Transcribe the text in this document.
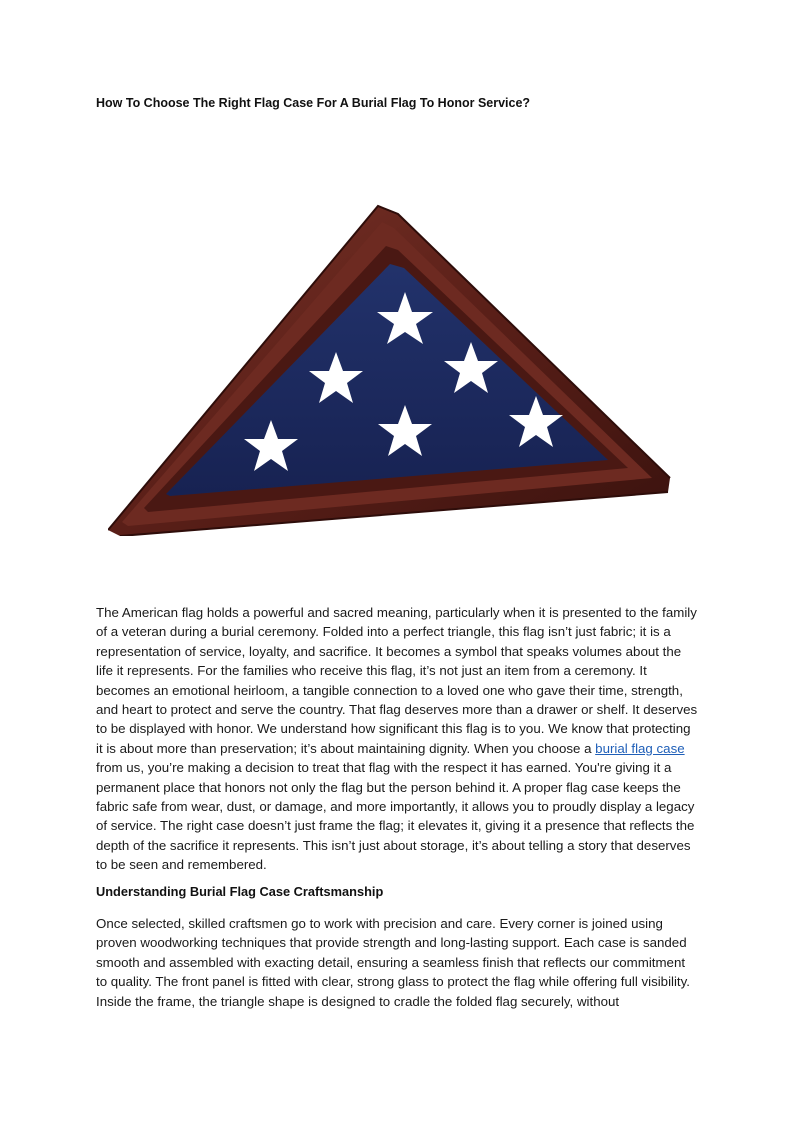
How To Choose The Right Flag Case For A Burial Flag To Honor Service?

The American flag holds a powerful and sacred meaning, particularly when it is presented to the family of a veteran during a burial ceremony. Folded into a perfect triangle, this flag isn’t just fabric; it is a representation of service, loyalty, and sacrifice. It becomes a symbol that speaks volumes about the life it represents. For the families who receive this flag, it’s not just an item from a ceremony. It becomes an emotional heirloom, a tangible connection to a loved one who gave their time, strength, and heart to protect and serve the country. That flag deserves more than a drawer or shelf. It deserves to be displayed with honor. We understand how significant this flag is to you. We know that protecting it is about more than preservation; it’s about maintaining dignity. When you choose a burial flag case from us, you’re making a decision to treat that flag with the respect it has earned. You're giving it a permanent place that honors not only the flag but the person behind it. A proper flag case keeps the fabric safe from wear, dust, or damage, and more importantly, it allows you to proudly display a legacy of service. The right case doesn’t just frame the flag; it elevates it, giving it a presence that reflects the depth of the sacrifice it represents. This isn’t just about storage, it’s about telling a story that deserves to be seen and remembered.

Understanding Burial Flag Case Craftsmanship

Once selected, skilled craftsmen go to work with precision and care. Every corner is joined using proven woodworking techniques that provide strength and long-lasting support. Each case is sanded smooth and assembled with exacting detail, ensuring a seamless finish that reflects our commitment to quality. The front panel is fitted with clear, strong glass to protect the flag while offering full visibility. Inside the frame, the triangle shape is designed to cradle the folded flag securely, without
